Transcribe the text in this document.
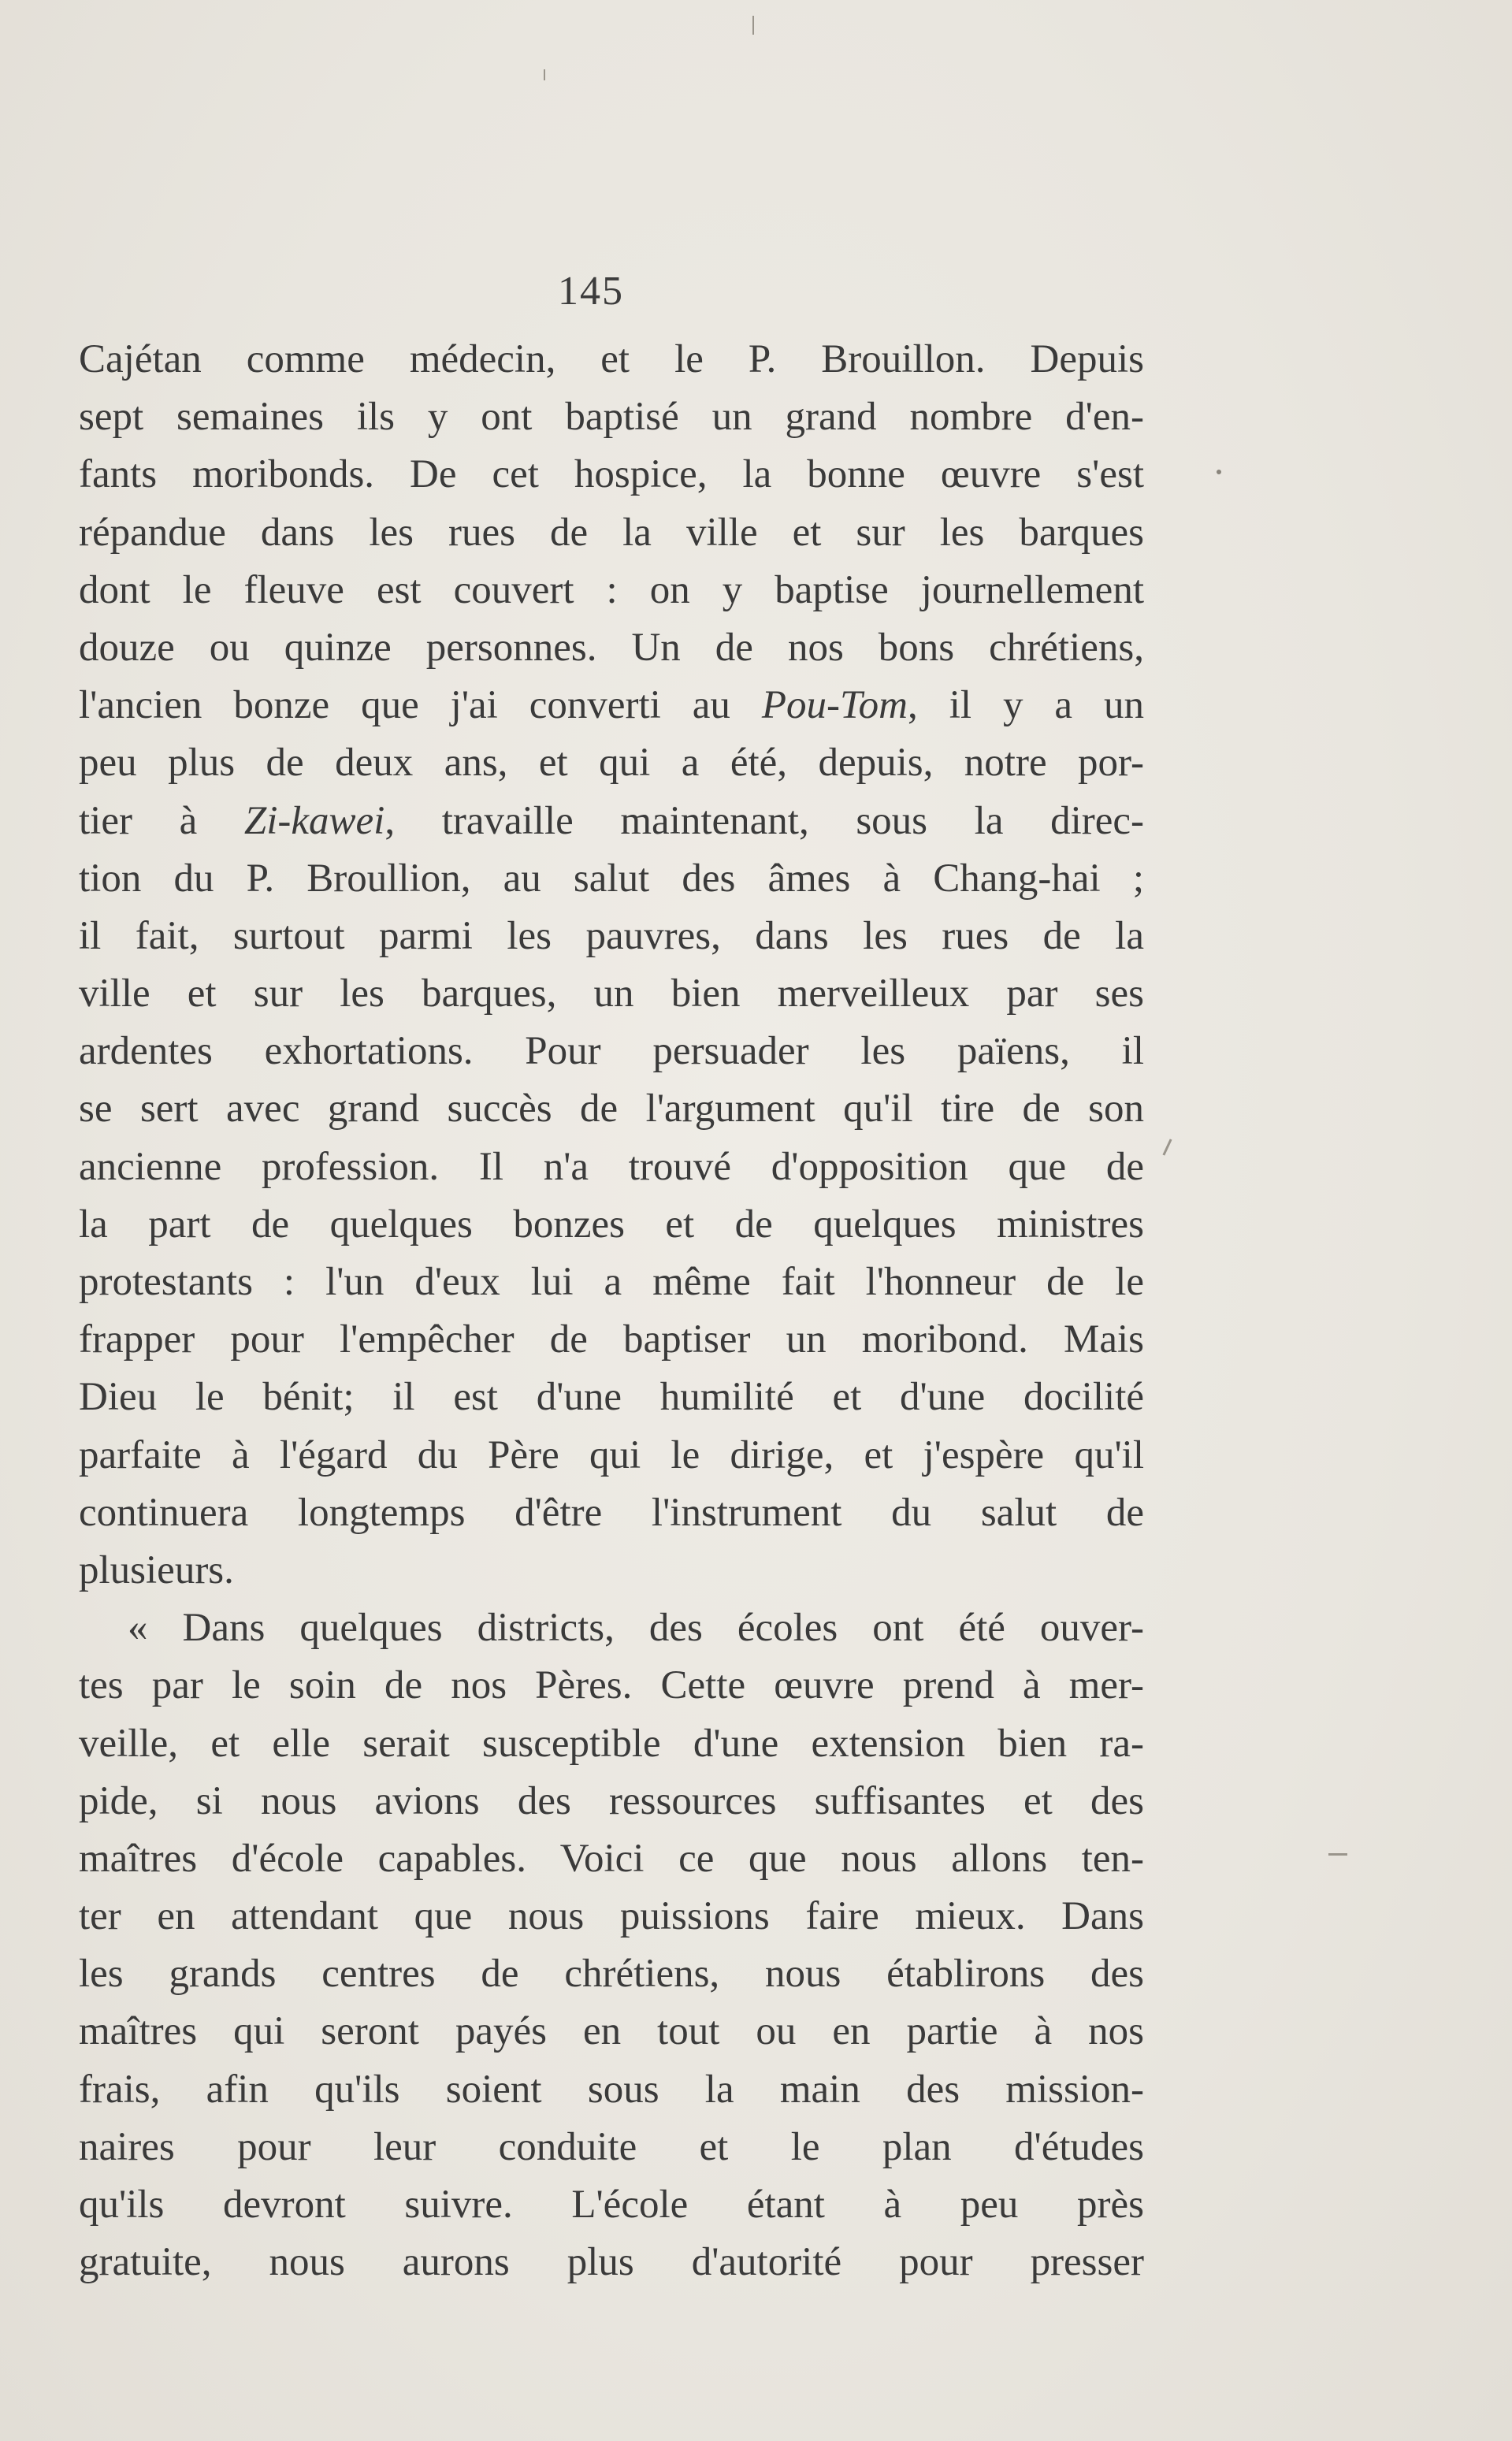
145
Cajétan comme médecin, et le P. Brouillon. Depuis
sept semaines ils y ont baptisé un grand nombre d'en-
fants moribonds. De cet hospice, la bonne œuvre s'est
répandue dans les rues de la ville et sur les barques
dont le fleuve est couvert : on y baptise journellement
douze ou quinze personnes. Un de nos bons chrétiens,
l'ancien bonze que j'ai converti au Pou-Tom, il y a un
peu plus de deux ans, et qui a été, depuis, notre por-
tier à Zi-kawei, travaille maintenant, sous la direc-
tion du P. Broullion, au salut des âmes à Chang-hai ;
il fait, surtout parmi les pauvres, dans les rues de la
ville et sur les barques, un bien merveilleux par ses
ardentes exhortations. Pour persuader les païens, il
se sert avec grand succès de l'argument qu'il tire de son
ancienne profession. Il n'a trouvé d'opposition que de
la part de quelques bonzes et de quelques ministres
protestants : l'un d'eux lui a même fait l'honneur de le
frapper pour l'empêcher de baptiser un moribond. Mais
Dieu le bénit; il est d'une humilité et d'une docilité
parfaite à l'égard du Père qui le dirige, et j'espère qu'il
continuera longtemps d'être l'instrument du salut de
plusieurs.
« Dans quelques districts, des écoles ont été ouver-
tes par le soin de nos Pères. Cette œuvre prend à mer-
veille, et elle serait susceptible d'une extension bien ra-
pide, si nous avions des ressources suffisantes et des
maîtres d'école capables. Voici ce que nous allons ten-
ter en attendant que nous puissions faire mieux. Dans
les grands centres de chrétiens, nous établirons des
maîtres qui seront payés en tout ou en partie à nos
frais, afin qu'ils soient sous la main des mission-
naires pour leur conduite et le plan d'études
qu'ils devront suivre. L'école étant à peu près
gratuite, nous aurons plus d'autorité pour presser
